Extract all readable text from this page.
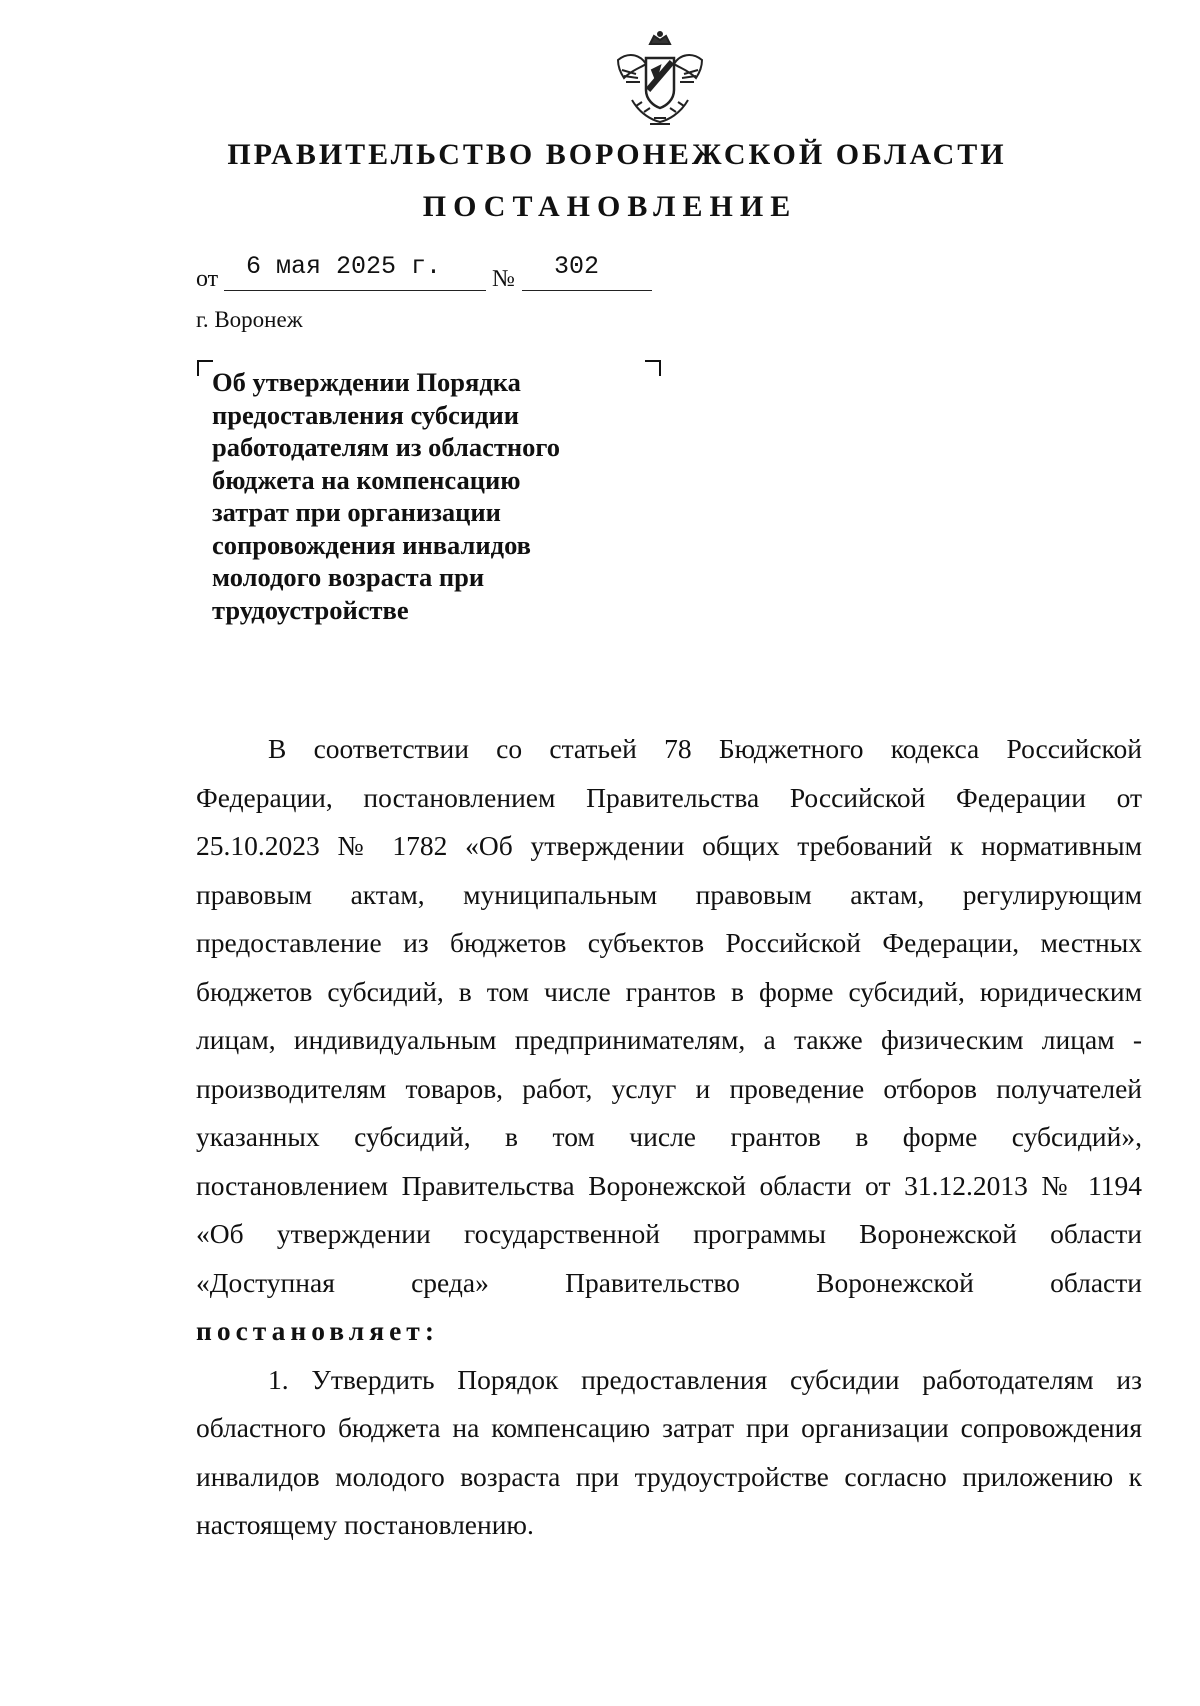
ПРАВИТЕЛЬСТВО ВОРОНЕЖСКОЙ ОБЛАСТИ
ПОСТАНОВЛЕНИЕ
от 6 мая 2025 г. № 302
г. Воронеж
Об утверждении Порядка
предоставления субсидии
работодателям из областного
бюджета на компенсацию
затрат при организации
сопровождения инвалидов
молодого возраста при
трудоустройстве

В соответствии со статьей 78 Бюджетного кодекса Российской

Федерации, постановлением Правительства Российской Федерации от

25.10.2023 № 1782 «Об утверждении общих требований к нормативным

правовым актам, муниципальным правовым актам, регулирующим

предоставление из бюджетов субъектов Российской Федерации, местных

бюджетов субсидий, в том числе грантов в форме субсидий, юридическим

лицам, индивидуальным предпринимателям, а также физическим лицам -

производителям товаров, работ, услуг и проведение отборов получателей

указанных субсидий, в том числе грантов в форме субсидий»,

постановлением Правительства Воронежской области от 31.12.2013 № 1194

«Об утверждении государственной программы Воронежской области

«Доступная среда» Правительство Воронежской области

постановляет:

1. Утвердить Порядок предоставления субсидии работодателям из

областного бюджета на компенсацию затрат при организации сопровождения

инвалидов молодого возраста при трудоустройстве согласно приложению к

настоящему постановлению.
